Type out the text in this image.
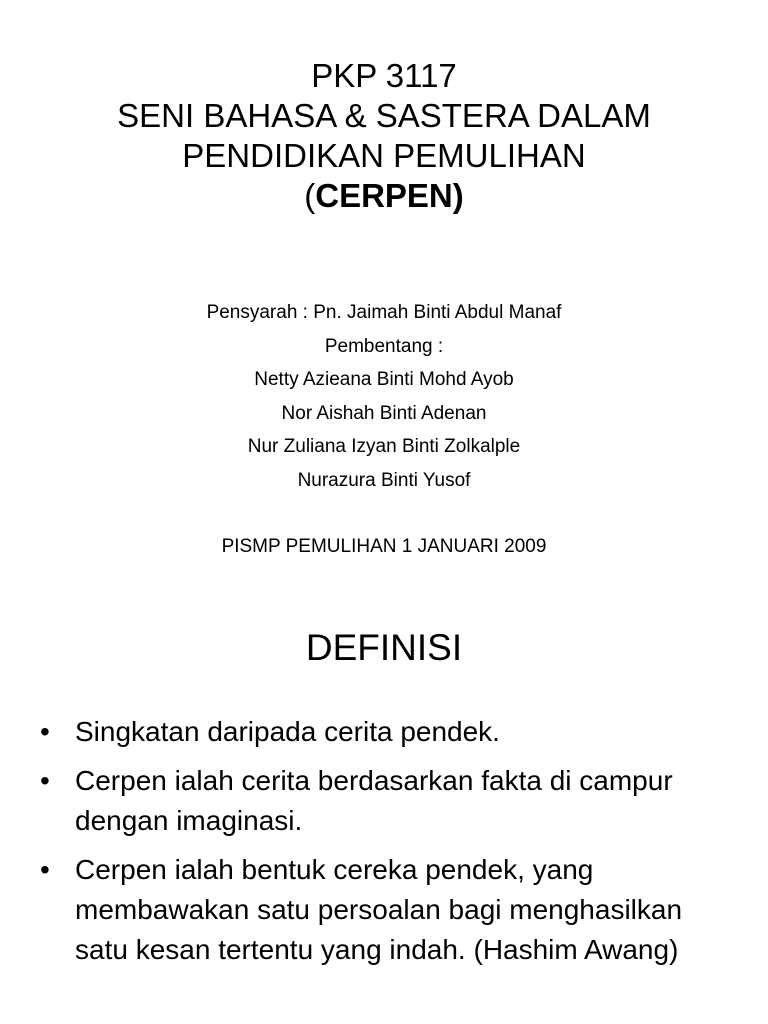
PKP 3117
SENI BAHASA & SASTERA DALAM
PENDIDIKAN PEMULIHAN
(CERPEN)
Pensyarah : Pn. Jaimah Binti Abdul Manaf
Pembentang :
Netty Azieana Binti Mohd Ayob
Nor Aishah Binti Adenan
Nur Zuliana Izyan Binti Zolkalple
Nurazura Binti Yusof
PISMP PEMULIHAN 1 JANUARI 2009
DEFINISI
• Singkatan daripada cerita pendek.
• Cerpen ialah cerita berdasarkan fakta di campur dengan imaginasi.
• Cerpen ialah bentuk cereka pendek, yang membawakan satu persoalan bagi menghasilkan satu kesan tertentu yang indah. (Hashim Awang)
